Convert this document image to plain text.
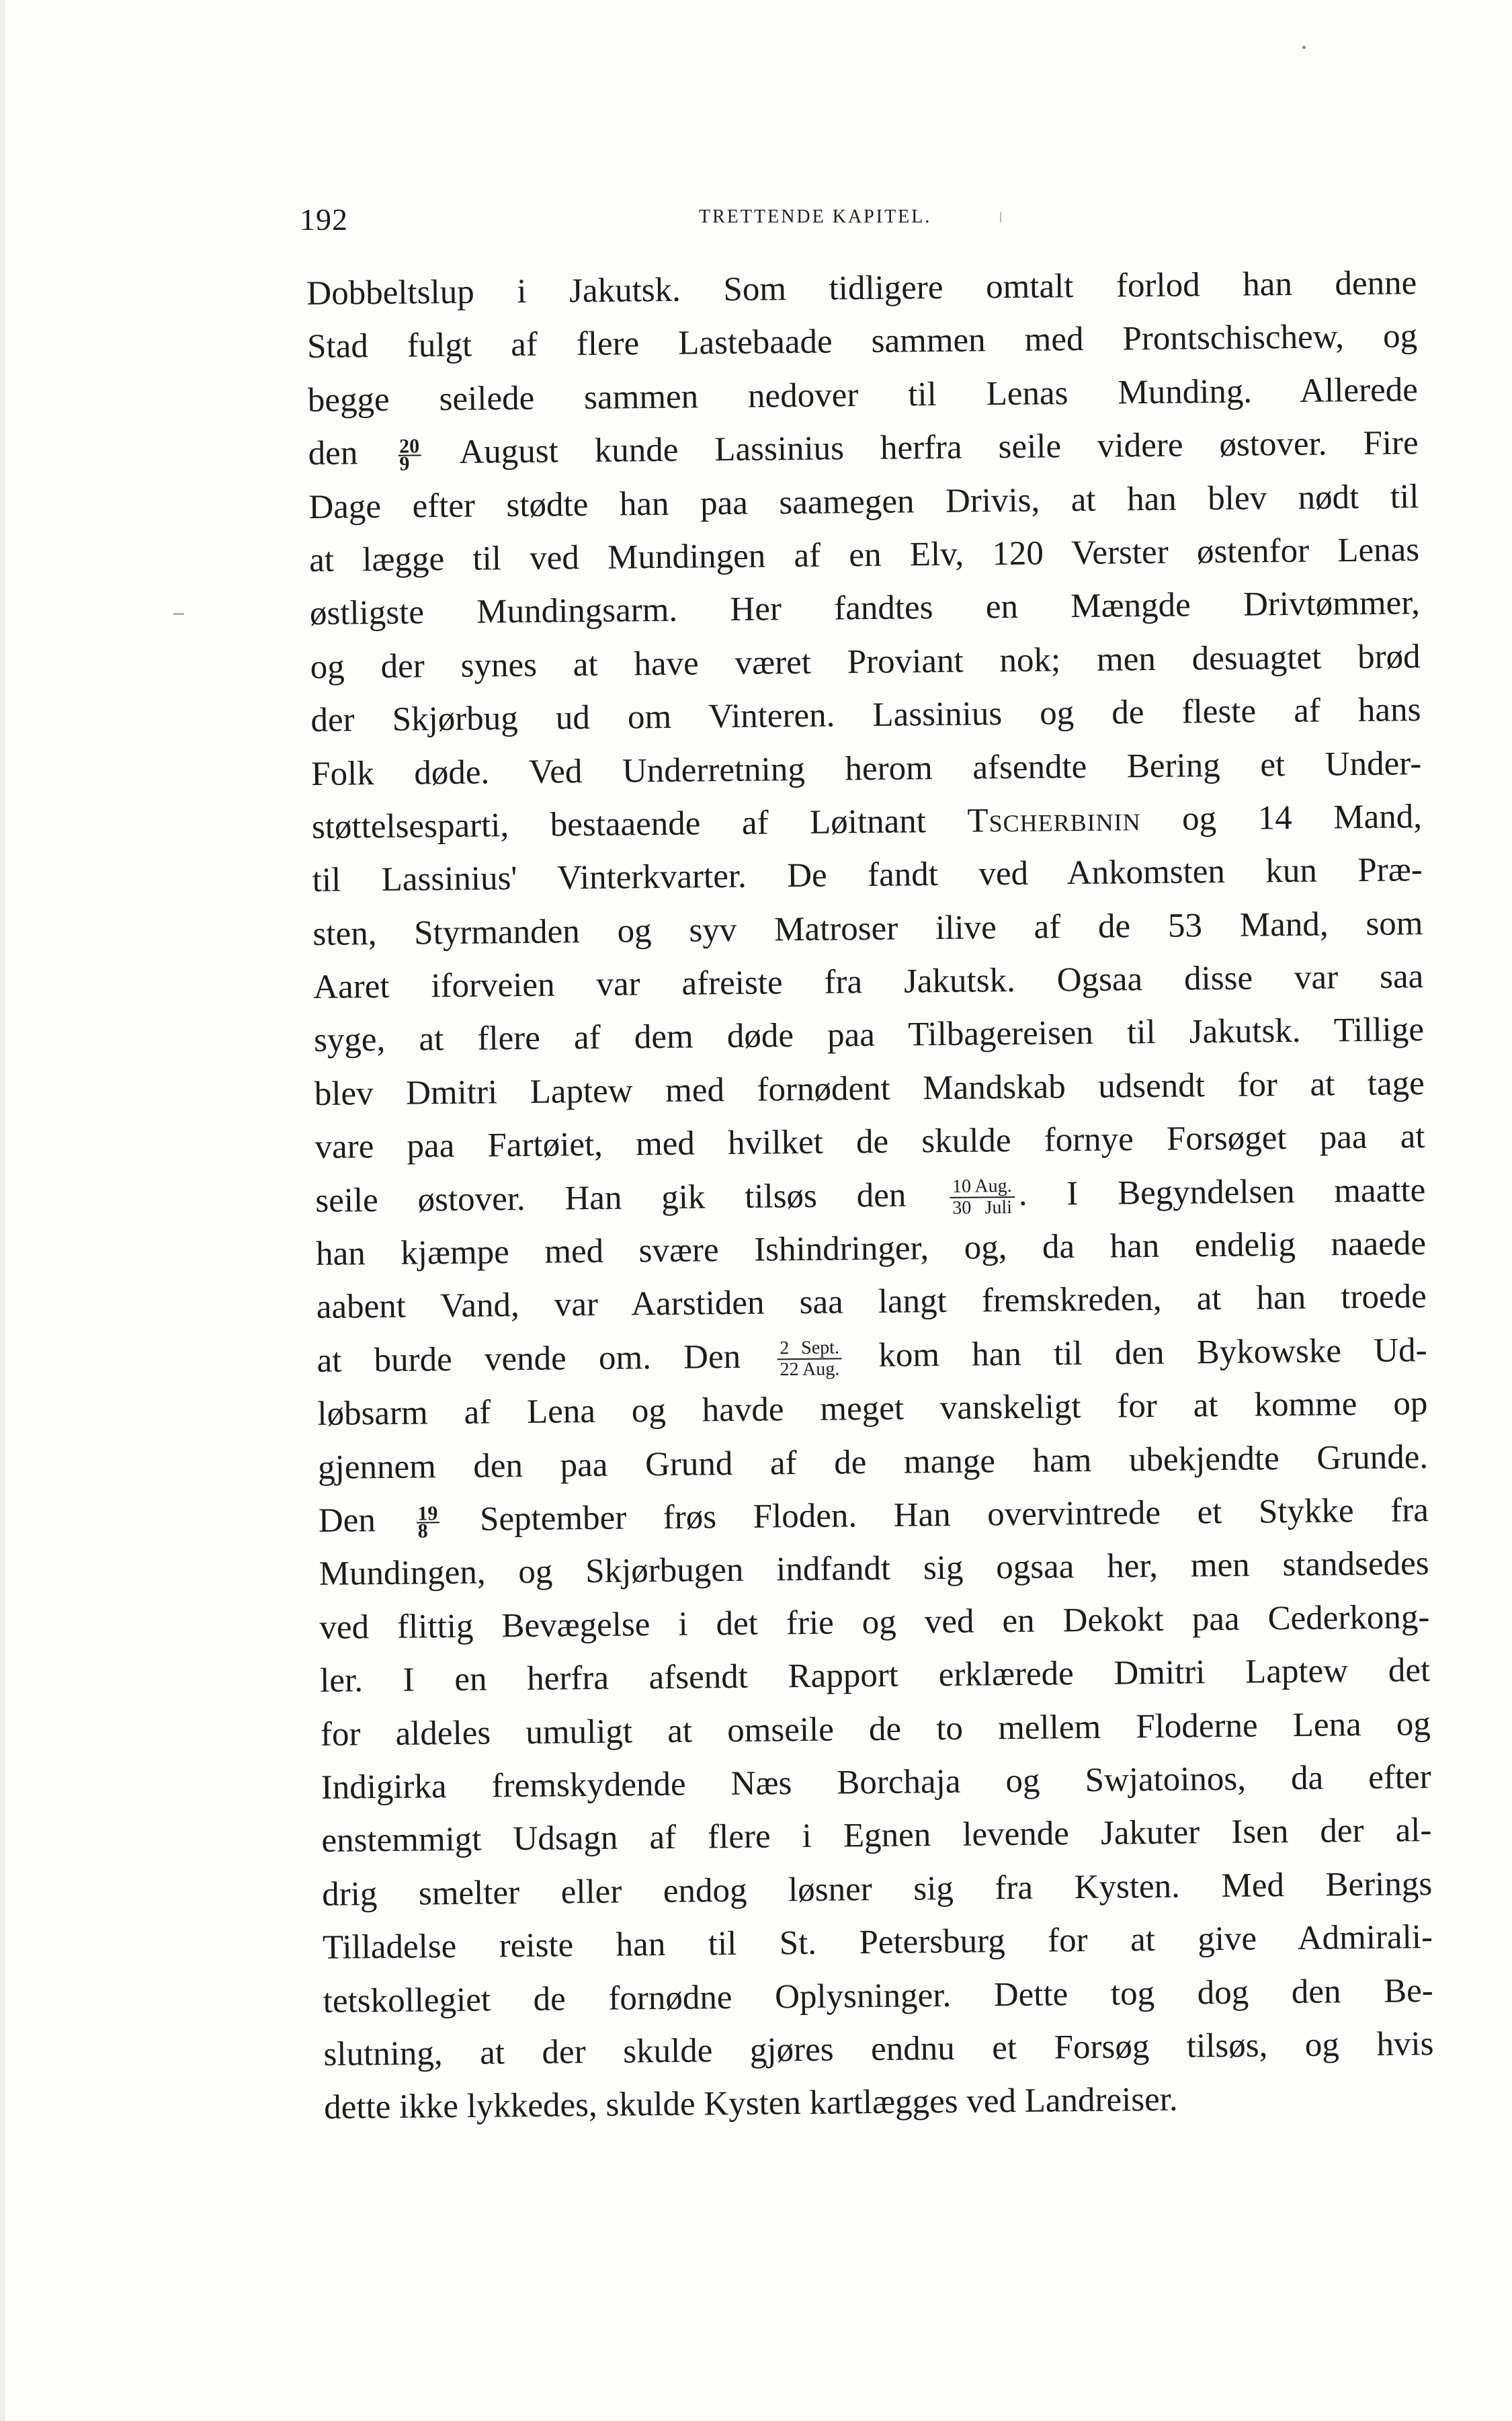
192	TRETTENDE KAPITEL.
Dobbeltslup i Jakutsk. Som tidligere omtalt forlod han denne
Stad fulgt af flere Lastebaade sammen med Prontschischew, og
begge seilede sammen nedover til Lenas Munding. Allerede
den $\frac{20}{9}$ August kunde Lassinius herfra seile videre østover. Fire
Dage efter stødte han paa saamegen Drivis, at han blev nødt til
at lægge til ved Mundingen af en Elv, 120 Verster østenfor Lenas
østligste Mundingsarm. Her fandtes en Mængde Drivtømmer,
og der synes at have været Proviant nok; men desuagtet brød
der Skjørbug ud om Vinteren. Lassinius og de fleste af hans
Folk døde. Ved Underretning herom afsendte Bering et Under-
støttelsesparti, bestaaende af Løitnant Tscherbinin og 14 Mand,
til Lassinius' Vinterkvarter. De fandt ved Ankomsten kun Præ-
sten, Styrmanden og syv Matroser ilive af de 53 Mand, som
Aaret iforveien var afreiste fra Jakutsk. Ogsaa disse var saa
syge, at flere af dem døde paa Tilbagereisen til Jakutsk. Tillige
blev Dmitri Laptew med fornødent Mandskab udsendt for at tage
vare paa Fartøiet, med hvilket de skulde fornye Forsøget paa at
seile østover. Han gik tilsøs den $\frac{\text{10 Aug.}}{\text{30 Juli}}$ . I Begyndelsen maatte
han kjæmpe med svære Ishindringer, og, da han endelig naaede
aabent Vand, var Aarstiden saa langt fremskreden, at han troede
at burde vende om. Den $\frac{\text{2 Sept.}}{\text{22 Aug.}}$ kom han til den Bykowske Ud-
løbsarm af Lena og havde meget vanskeligt for at komme op
gjennem den paa Grund af de mange ham ubekjendte Grunde.
Den $\frac{19}{8}$ September frøs Floden. Han overvintrede et Stykke fra
Mundingen, og Skjørbugen indfandt sig ogsaa her, men standsedes
ved flittig Bevægelse i det frie og ved en Dekokt paa Cederkong-
ler. I en herfra afsendt Rapport erklærede Dmitri Laptew det
for aldeles umuligt at omseile de to mellem Floderne Lena og
Indigirka fremskydende Næs Borchaja og Swjatoinos, da efter
enstemmigt Udsagn af flere i Egnen levende Jakuter Isen der al-
drig smelter eller endog løsner sig fra Kysten. Med Berings
Tilladelse reiste han til St. Petersburg for at give Admirali-
tetskollegiet de fornødne Oplysninger. Dette tog dog den Be-
slutning, at der skulde gjøres endnu et Forsøg tilsøs, og hvis
dette ikke lykkedes, skulde Kysten kartlægges ved Landreiser.
